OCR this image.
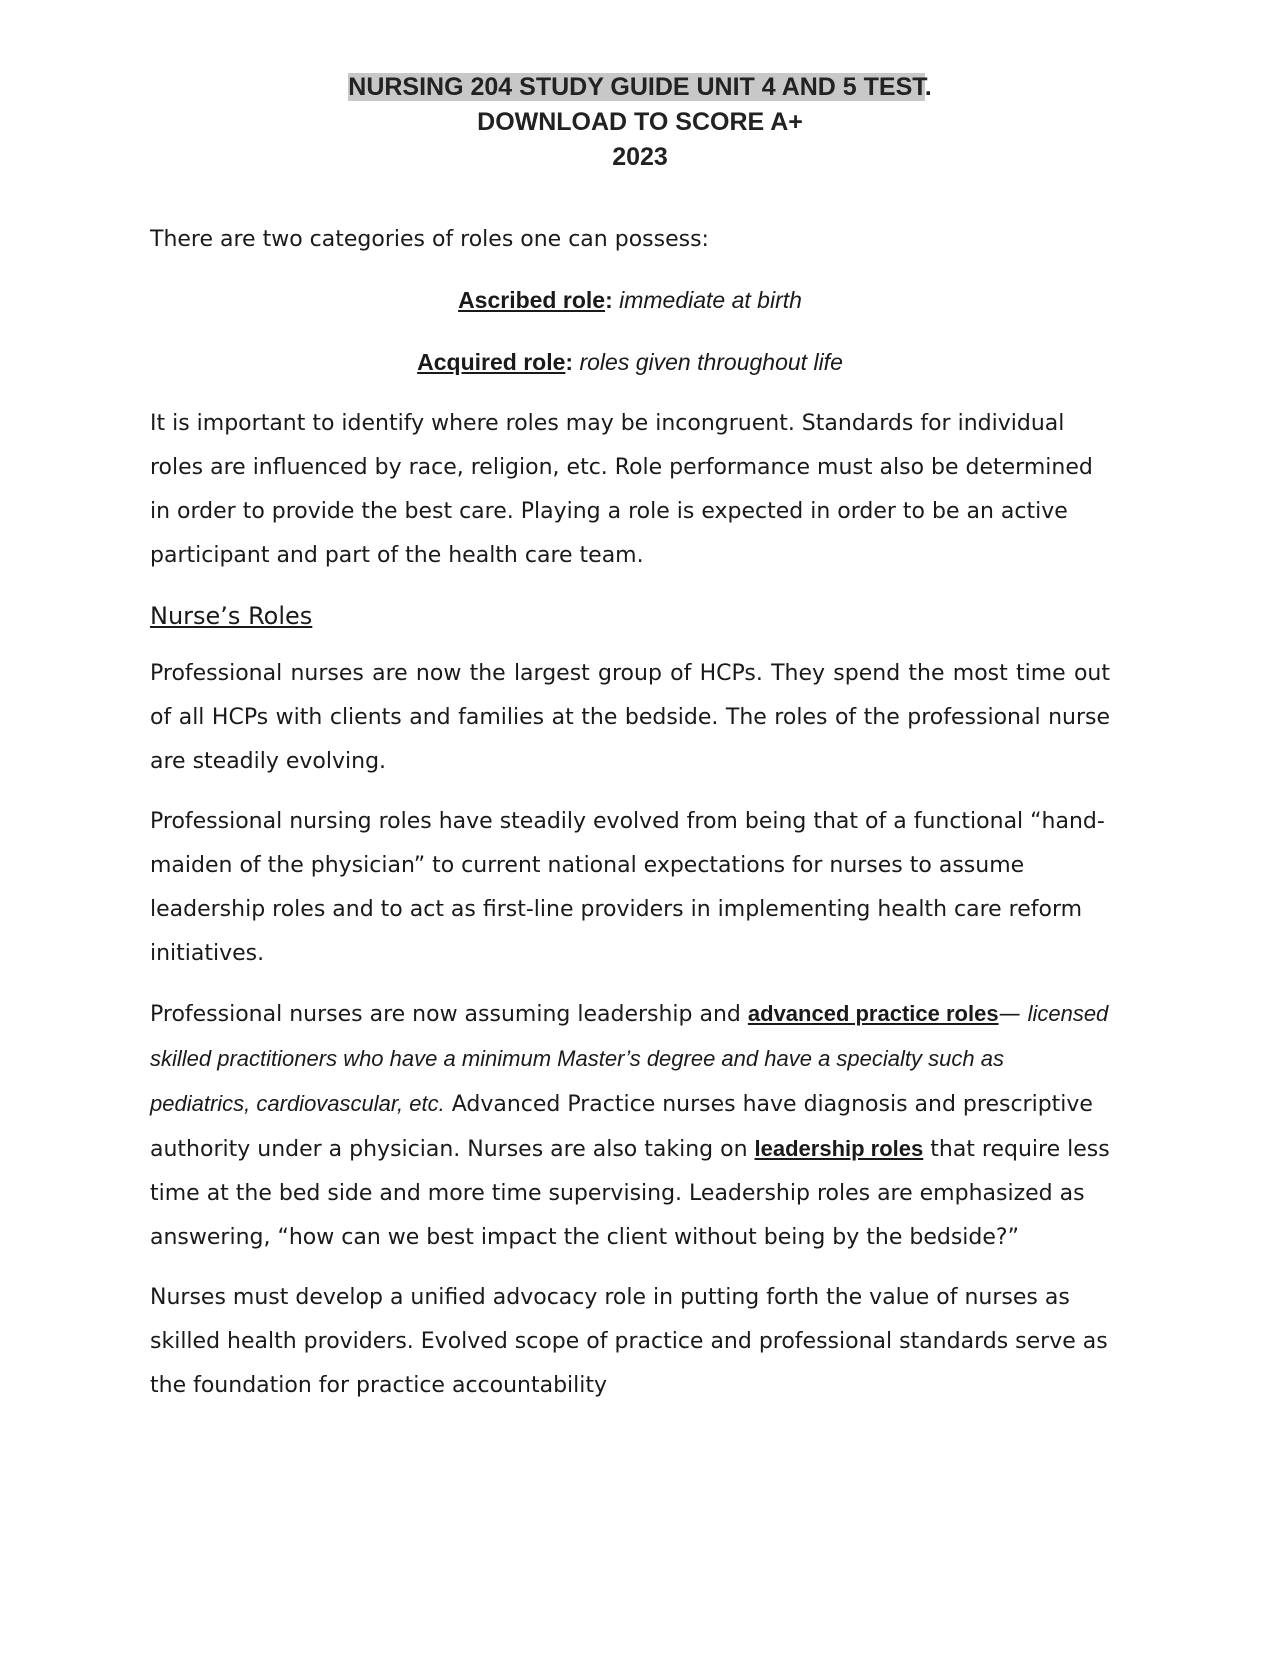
NURSING 204 STUDY GUIDE UNIT 4 AND 5 TEST.
DOWNLOAD TO SCORE A+
2023

There are two categories of roles one can possess:

Ascribed role: immediate at birth

Acquired role: roles given throughout life

It is important to identify where roles may be incongruent. Standards for individual roles are influenced by race, religion, etc. Role performance must also be determined in order to provide the best care. Playing a role is expected in order to be an active participant and part of the health care team.

Nurse’s Roles

Professional nurses are now the largest group of HCPs. They spend the most time out of all HCPs with clients and families at the bedside. The roles of the professional nurse are steadily evolving.

Professional nursing roles have steadily evolved from being that of a functional “hand- maiden of the physician” to current national expectations for nurses to assume leadership roles and to act as first-line providers in implementing health care reform initiatives.

Professional nurses are now assuming leadership and advanced practice roles— licensed skilled practitioners who have a minimum Master’s degree and have a specialty such as pediatrics, cardiovascular, etc. Advanced Practice nurses have diagnosis and prescriptive authority under a physician. Nurses are also taking on leadership roles that require less time at the bed side and more time supervising. Leadership roles are emphasized as answering, “how can we best impact the client without being by the bedside?”

Nurses must develop a unified advocacy role in putting forth the value of nurses as skilled health providers. Evolved scope of practice and professional standards serve as the foundation for practice accountability
